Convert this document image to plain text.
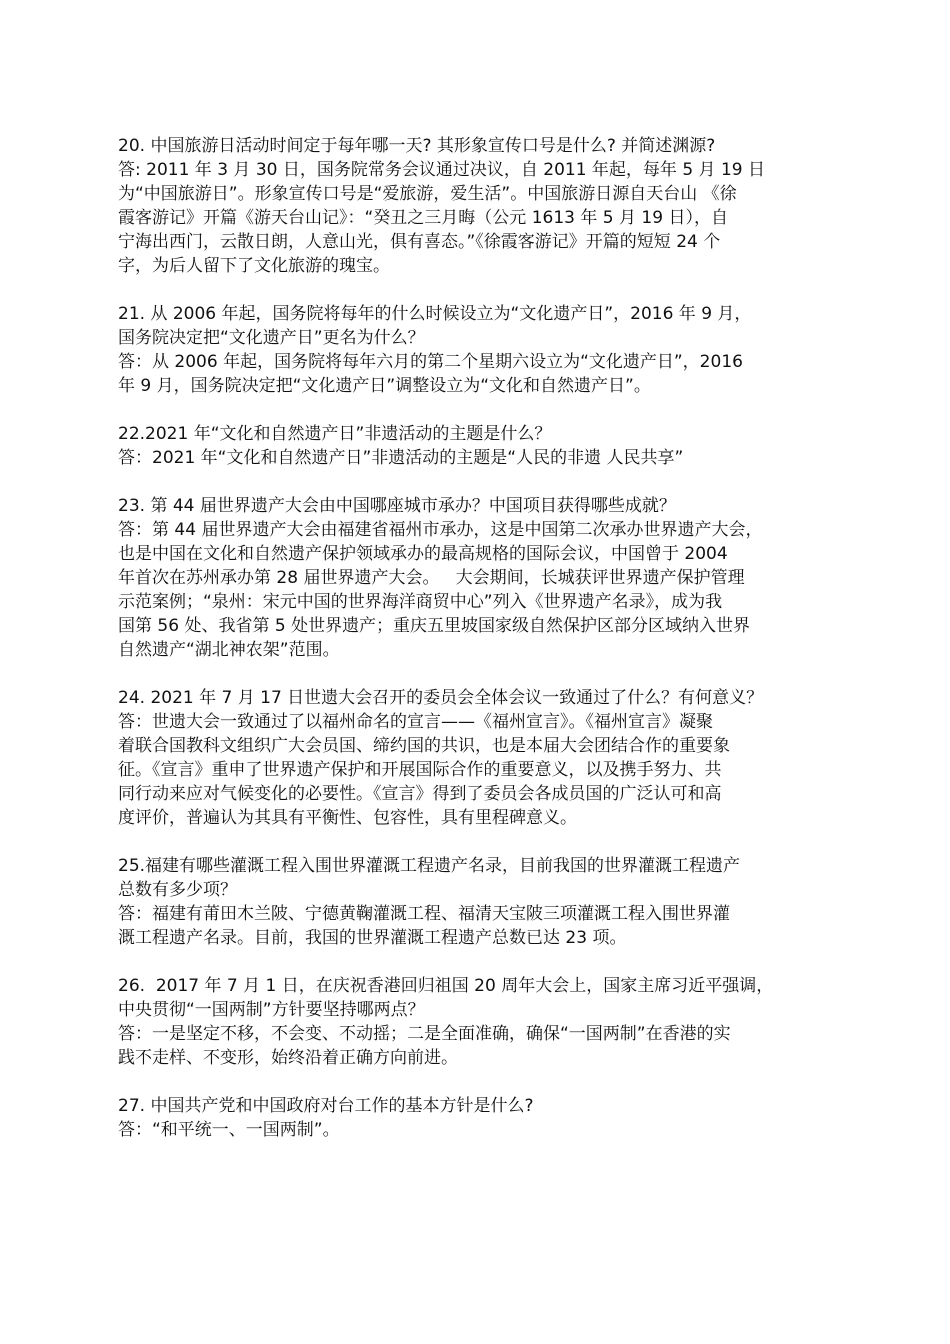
20. 中国旅游日活动时间定于每年哪一天? 其形象宣传口号是什么? 并简述渊源?
答: 2011 年 3 月 30 日，国务院常务会议通过决议，自 2011 年起，每年 5 月 19 日
为“中国旅游日”。形象宣传口号是“爱旅游，爱生活”。中国旅游日源自天台山 《徐
霞客游记》开篇《游天台山记》：“癸丑之三月晦（公元 1613 年 5 月 19 日），自
宁海出西门，云散日朗，人意山光，俱有喜态。”《徐霞客游记》开篇的短短 24 个
字，为后人留下了文化旅游的瑰宝。
21. 从 2006 年起，国务院将每年的什么时候设立为“文化遗产日”，2016 年 9 月，
国务院决定把“文化遗产日”更名为什么？
答：从 2006 年起，国务院将每年六月的第二个星期六设立为“文化遗产日”，2016
年 9 月，国务院决定把“文化遗产日”调整设立为“文化和自然遗产日”。
22.2021 年“文化和自然遗产日”非遗活动的主题是什么？
答：2021 年“文化和自然遗产日”非遗活动的主题是“人民的非遗 人民共享”
23. 第 44 届世界遗产大会由中国哪座城市承办？中国项目获得哪些成就？
答：第 44 届世界遗产大会由福建省福州市承办，这是中国第二次承办世界遗产大会，
也是中国在文化和自然遗产保护领域承办的最高规格的国际会议，中国曾于 2004
年首次在苏州承办第 28 届世界遗产大会。   大会期间，长城获评世界遗产保护管理
示范案例；“泉州：宋元中国的世界海洋商贸中心”列入《世界遗产名录》，成为我
国第 56 处、我省第 5 处世界遗产；重庆五里坡国家级自然保护区部分区域纳入世界
自然遗产“湖北神农架”范围。
24. 2021 年 7 月 17 日世遗大会召开的委员会全体会议一致通过了什么？有何意义？
答：世遗大会一致通过了以福州命名的宣言——《福州宣言》。《福州宣言》凝聚
着联合国教科文组织广大会员国、缔约国的共识，也是本届大会团结合作的重要象
征。《宣言》重申了世界遗产保护和开展国际合作的重要意义，以及携手努力、共
同行动来应对气候变化的必要性。《宣言》得到了委员会各成员国的广泛认可和高
度评价，普遍认为其具有平衡性、包容性，具有里程碑意义。
25.福建有哪些灌溉工程入围世界灌溉工程遗产名录，目前我国的世界灌溉工程遗产
总数有多少项？
答：福建有莆田木兰陂、宁德黄鞠灌溉工程、福清天宝陂三项灌溉工程入围世界灌
溉工程遗产名录。目前，我国的世界灌溉工程遗产总数已达 23 项。
26.  2017 年 7 月 1 日，在庆祝香港回归祖国 20 周年大会上，国家主席习近平强调，
中央贯彻“一国两制”方针要坚持哪两点？
答：一是坚定不移，不会变、不动摇；二是全面准确，确保“一国两制”在香港的实
践不走样、不变形，始终沿着正确方向前进。
27. 中国共产党和中国政府对台工作的基本方针是什么?
答：“和平统一、一国两制”。
